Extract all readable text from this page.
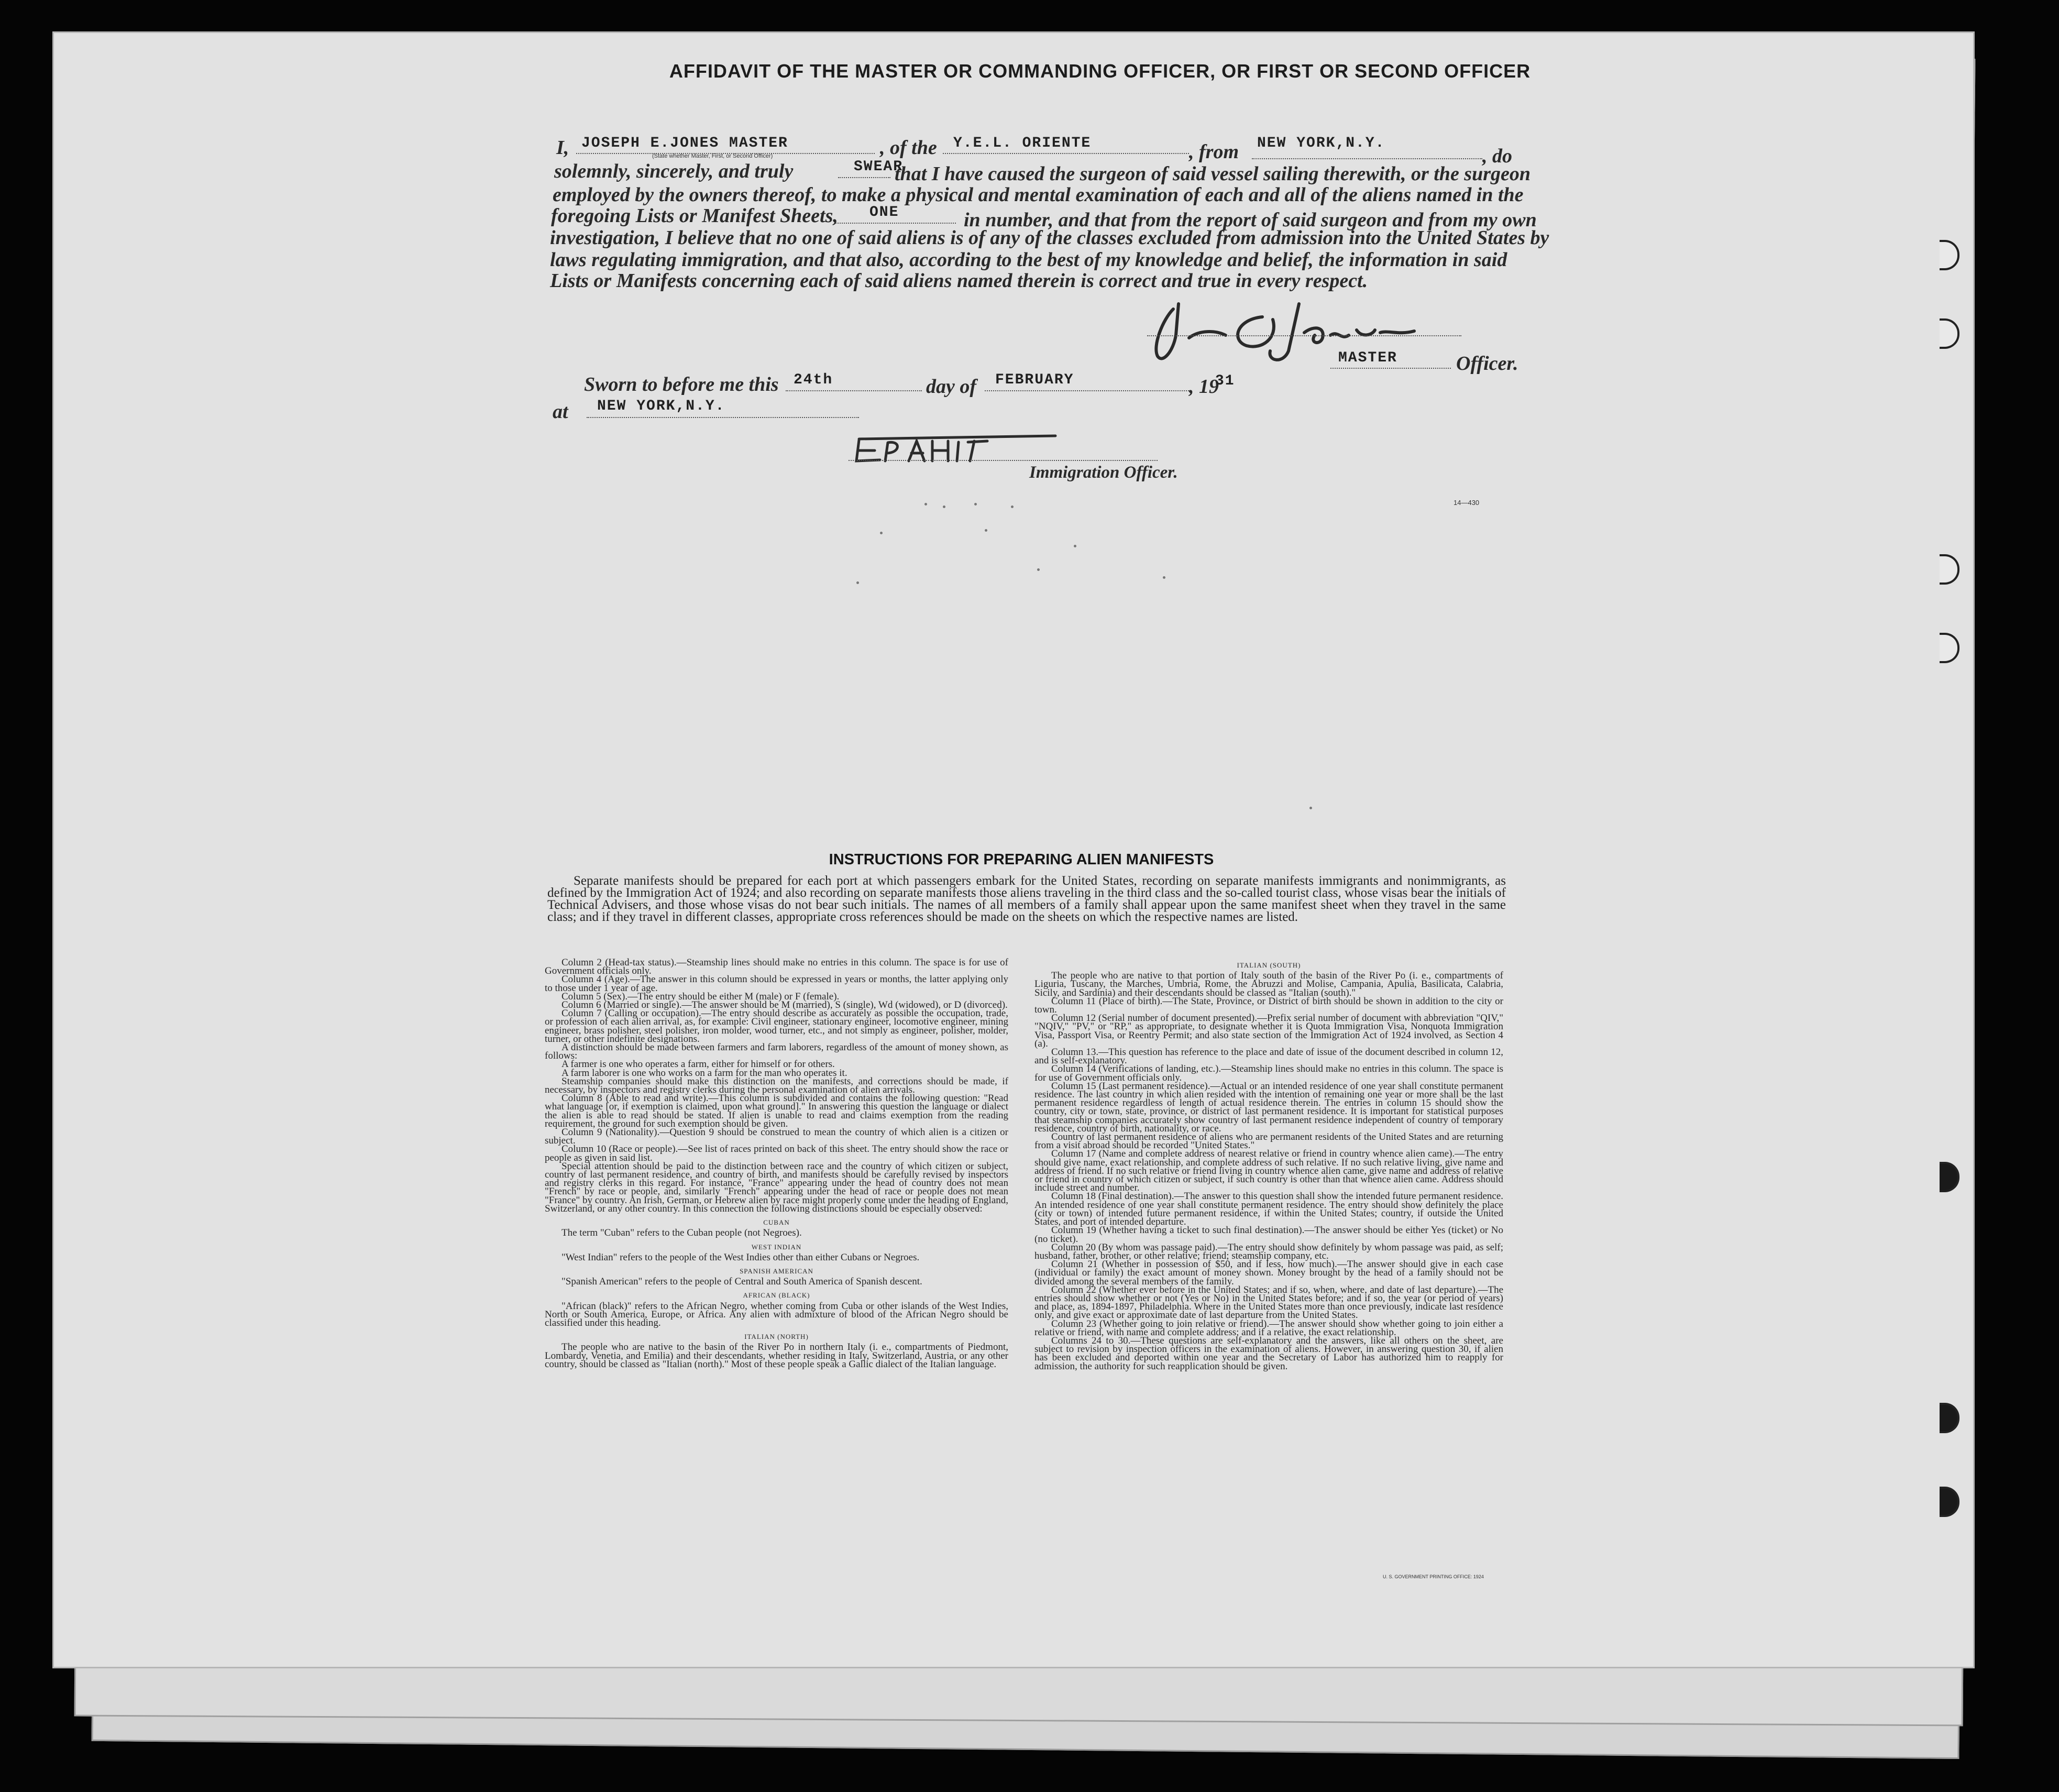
AFFIDAVIT OF THE MASTER OR COMMANDING OFFICER, OR FIRST OR SECOND OFFICER
I, JOSEPH E.JONES MASTER	, of the Y.E.L. ORIENTE	, from NEW YORK,N.Y.
, do
(State whether Master, First, or Second Officer)
solemnly, sincerely, and truly	SWEAR
that I have caused the surgeon of said vessel sailing therewith, or the surgeon
employed by the owners thereof, to make a physical and mental examination of each and all of the aliens named in the
foregoing Lists or Manifest Sheets, ONE	in number, and that from the report of said surgeon and from my own
investigation, I believe that no one of said aliens is of any of the classes excluded from admission into the United States by
laws regulating immigration, and that also, according to the best of my knowledge and belief, the information in said
Lists or Manifests concerning each of said aliens named therein is correct and true in every respect.
MASTER	Officer.
Sworn to before me this 24th	day of FEBRUARY	, 19
31
at NEW YORK,N.Y.
Immigration Officer.
14—430
INSTRUCTIONS FOR PREPARING ALIEN MANIFESTS
Separate manifests should be prepared for each port at which passengers embark for the United States, recording on separate manifests immigrants and nonimmigrants, as defined by the Immigration Act of 1924; and also recording on separate manifests those aliens traveling in the third class and the so-called tourist class, whose visas bear the initials of Technical Advisers, and those whose visas do not bear such initials. The names of all members of a family shall appear upon the same manifest sheet when they travel in the same class; and if they travel in different classes, appropriate cross references should be made on the sheets on which the respective names are listed.

Column 2 (Head-tax status).—Steamship lines should make no entries in this column. The space is for use of Government officials only.

Column 4 (Age).—The answer in this column should be expressed in years or months, the latter applying only to those under 1 year of age.

Column 5 (Sex).—The entry should be either M (male) or F (female).

Column 6 (Married or single).—The answer should be M (married), S (single), Wd (widowed), or D (divorced).

Column 7 (Calling or occupation).—The entry should describe as accurately as possible the occupation, trade, or profession of each alien arrival, as, for example: Civil engineer, stationary engineer, locomotive engineer, mining engineer, brass polisher, steel polisher, iron molder, wood turner, etc., and not simply as engineer, polisher, molder, turner, or other indefinite designations.

A distinction should be made between farmers and farm laborers, regardless of the amount of money shown, as follows:

A farmer is one who operates a farm, either for himself or for others.

A farm laborer is one who works on a farm for the man who operates it.

Steamship companies should make this distinction on the manifests, and corrections should be made, if necessary, by inspectors and registry clerks during the personal examination of alien arrivals.

Column 8 (Able to read and write).—This column is subdivided and contains the following question: "Read what language [or, if exemption is claimed, upon what ground]." In answering this question the language or dialect the alien is able to read should be stated. If alien is unable to read and claims exemption from the reading requirement, the ground for such exemption should be given.

Column 9 (Nationality).—Question 9 should be construed to mean the country of which alien is a citizen or subject.

Column 10 (Race or people).—See list of races printed on back of this sheet. The entry should show the race or people as given in said list.

Special attention should be paid to the distinction between race and the country of which citizen or subject, country of last permanent residence, and country of birth, and manifests should be carefully revised by inspectors and registry clerks in this regard. For instance, "France" appearing under the head of country does not mean "French" by race or people, and, similarly "French" appearing under the head of race or people does not mean "France" by country. An Irish, German, or Hebrew alien by race might properly come under the heading of England, Switzerland, or any other country. In this connection the following distinctions should be especially observed:

CUBAN

The term "Cuban" refers to the Cuban people (not Negroes).

WEST INDIAN

"West Indian" refers to the people of the West Indies other than either Cubans or Negroes.

SPANISH AMERICAN

"Spanish American" refers to the people of Central and South America of Spanish descent.

AFRICAN (BLACK)

"African (black)" refers to the African Negro, whether coming from Cuba or other islands of the West Indies, North or South America, Europe, or Africa. Any alien with admixture of blood of the African Negro should be classified under this heading.

ITALIAN (NORTH)

The people who are native to the basin of the River Po in northern Italy (i. e., compartments of Piedmont, Lombardy, Venetia, and Emilia) and their descendants, whether residing in Italy, Switzerland, Austria, or any other country, should be classed as "Italian (north)." Most of these people speak a Gallic dialect of the Italian language.

ITALIAN (SOUTH)

The people who are native to that portion of Italy south of the basin of the River Po (i. e., compartments of Liguria, Tuscany, the Marches, Umbria, Rome, the Abruzzi and Molise, Campania, Apulia, Basilicata, Calabria, Sicily, and Sardinia) and their descendants should be classed as "Italian (south)."

Column 11 (Place of birth).—The State, Province, or District of birth should be shown in addition to the city or town.

Column 12 (Serial number of document presented).—Prefix serial number of document with abbreviation "QIV," "NQIV," "PV," or "RP," as appropriate, to designate whether it is Quota Immigration Visa, Nonquota Immigration Visa, Passport Visa, or Reentry Permit; and also state section of the Immigration Act of 1924 involved, as Section 4 (a).

Column 13.—This question has reference to the place and date of issue of the document described in column 12, and is self-explanatory.

Column 14 (Verifications of landing, etc.).—Steamship lines should make no entries in this column. The space is for use of Government officials only.

Column 15 (Last permanent residence).—Actual or an intended residence of one year shall constitute permanent residence. The last country in which alien resided with the intention of remaining one year or more shall be the last permanent residence regardless of length of actual residence therein. The entries in column 15 should show the country, city or town, state, province, or district of last permanent residence. It is important for statistical purposes that steamship companies accurately show country of last permanent residence independent of country of temporary residence, country of birth, nationality, or race.

Country of last permanent residence of aliens who are permanent residents of the United States and are returning from a visit abroad should be recorded "United States."

Column 17 (Name and complete address of nearest relative or friend in country whence alien came).—The entry should give name, exact relationship, and complete address of such relative. If no such relative living, give name and address of friend. If no such relative or friend living in country whence alien came, give name and address of relative or friend in country of which citizen or subject, if such country is other than that whence alien came. Address should include street and number.

Column 18 (Final destination).—The answer to this question shall show the intended future permanent residence. An intended residence of one year shall constitute permanent residence. The entry should show definitely the place (city or town) of intended future permanent residence, if within the United States; country, if outside the United States, and port of intended departure.

Column 19 (Whether having a ticket to such final destination).—The answer should be either Yes (ticket) or No (no ticket).

Column 20 (By whom was passage paid).—The entry should show definitely by whom passage was paid, as self; husband, father, brother, or other relative; friend; steamship company, etc.

Column 21 (Whether in possession of $50, and if less, how much).—The answer should give in each case (individual or family) the exact amount of money shown. Money brought by the head of a family should not be divided among the several members of the family.

Column 22 (Whether ever before in the United States; and if so, when, where, and date of last departure).—The entries should show whether or not (Yes or No) in the United States before; and if so, the year (or period of years) and place, as, 1894-1897, Philadelphia. Where in the United States more than once previously, indicate last residence only, and give exact or approximate date of last departure from the United States.

Column 23 (Whether going to join relative or friend).—The answer should show whether going to join either a relative or friend, with name and complete address; and if a relative, the exact relationship.

Columns 24 to 30.—These questions are self-explanatory and the answers, like all others on the sheet, are subject to revision by inspection officers in the examination of aliens. However, in answering question 30, if alien has been excluded and deported within one year and the Secretary of Labor has authorized him to reapply for admission, the authority for such reapplication should be given.

U. S. GOVERNMENT PRINTING OFFICE: 1924
